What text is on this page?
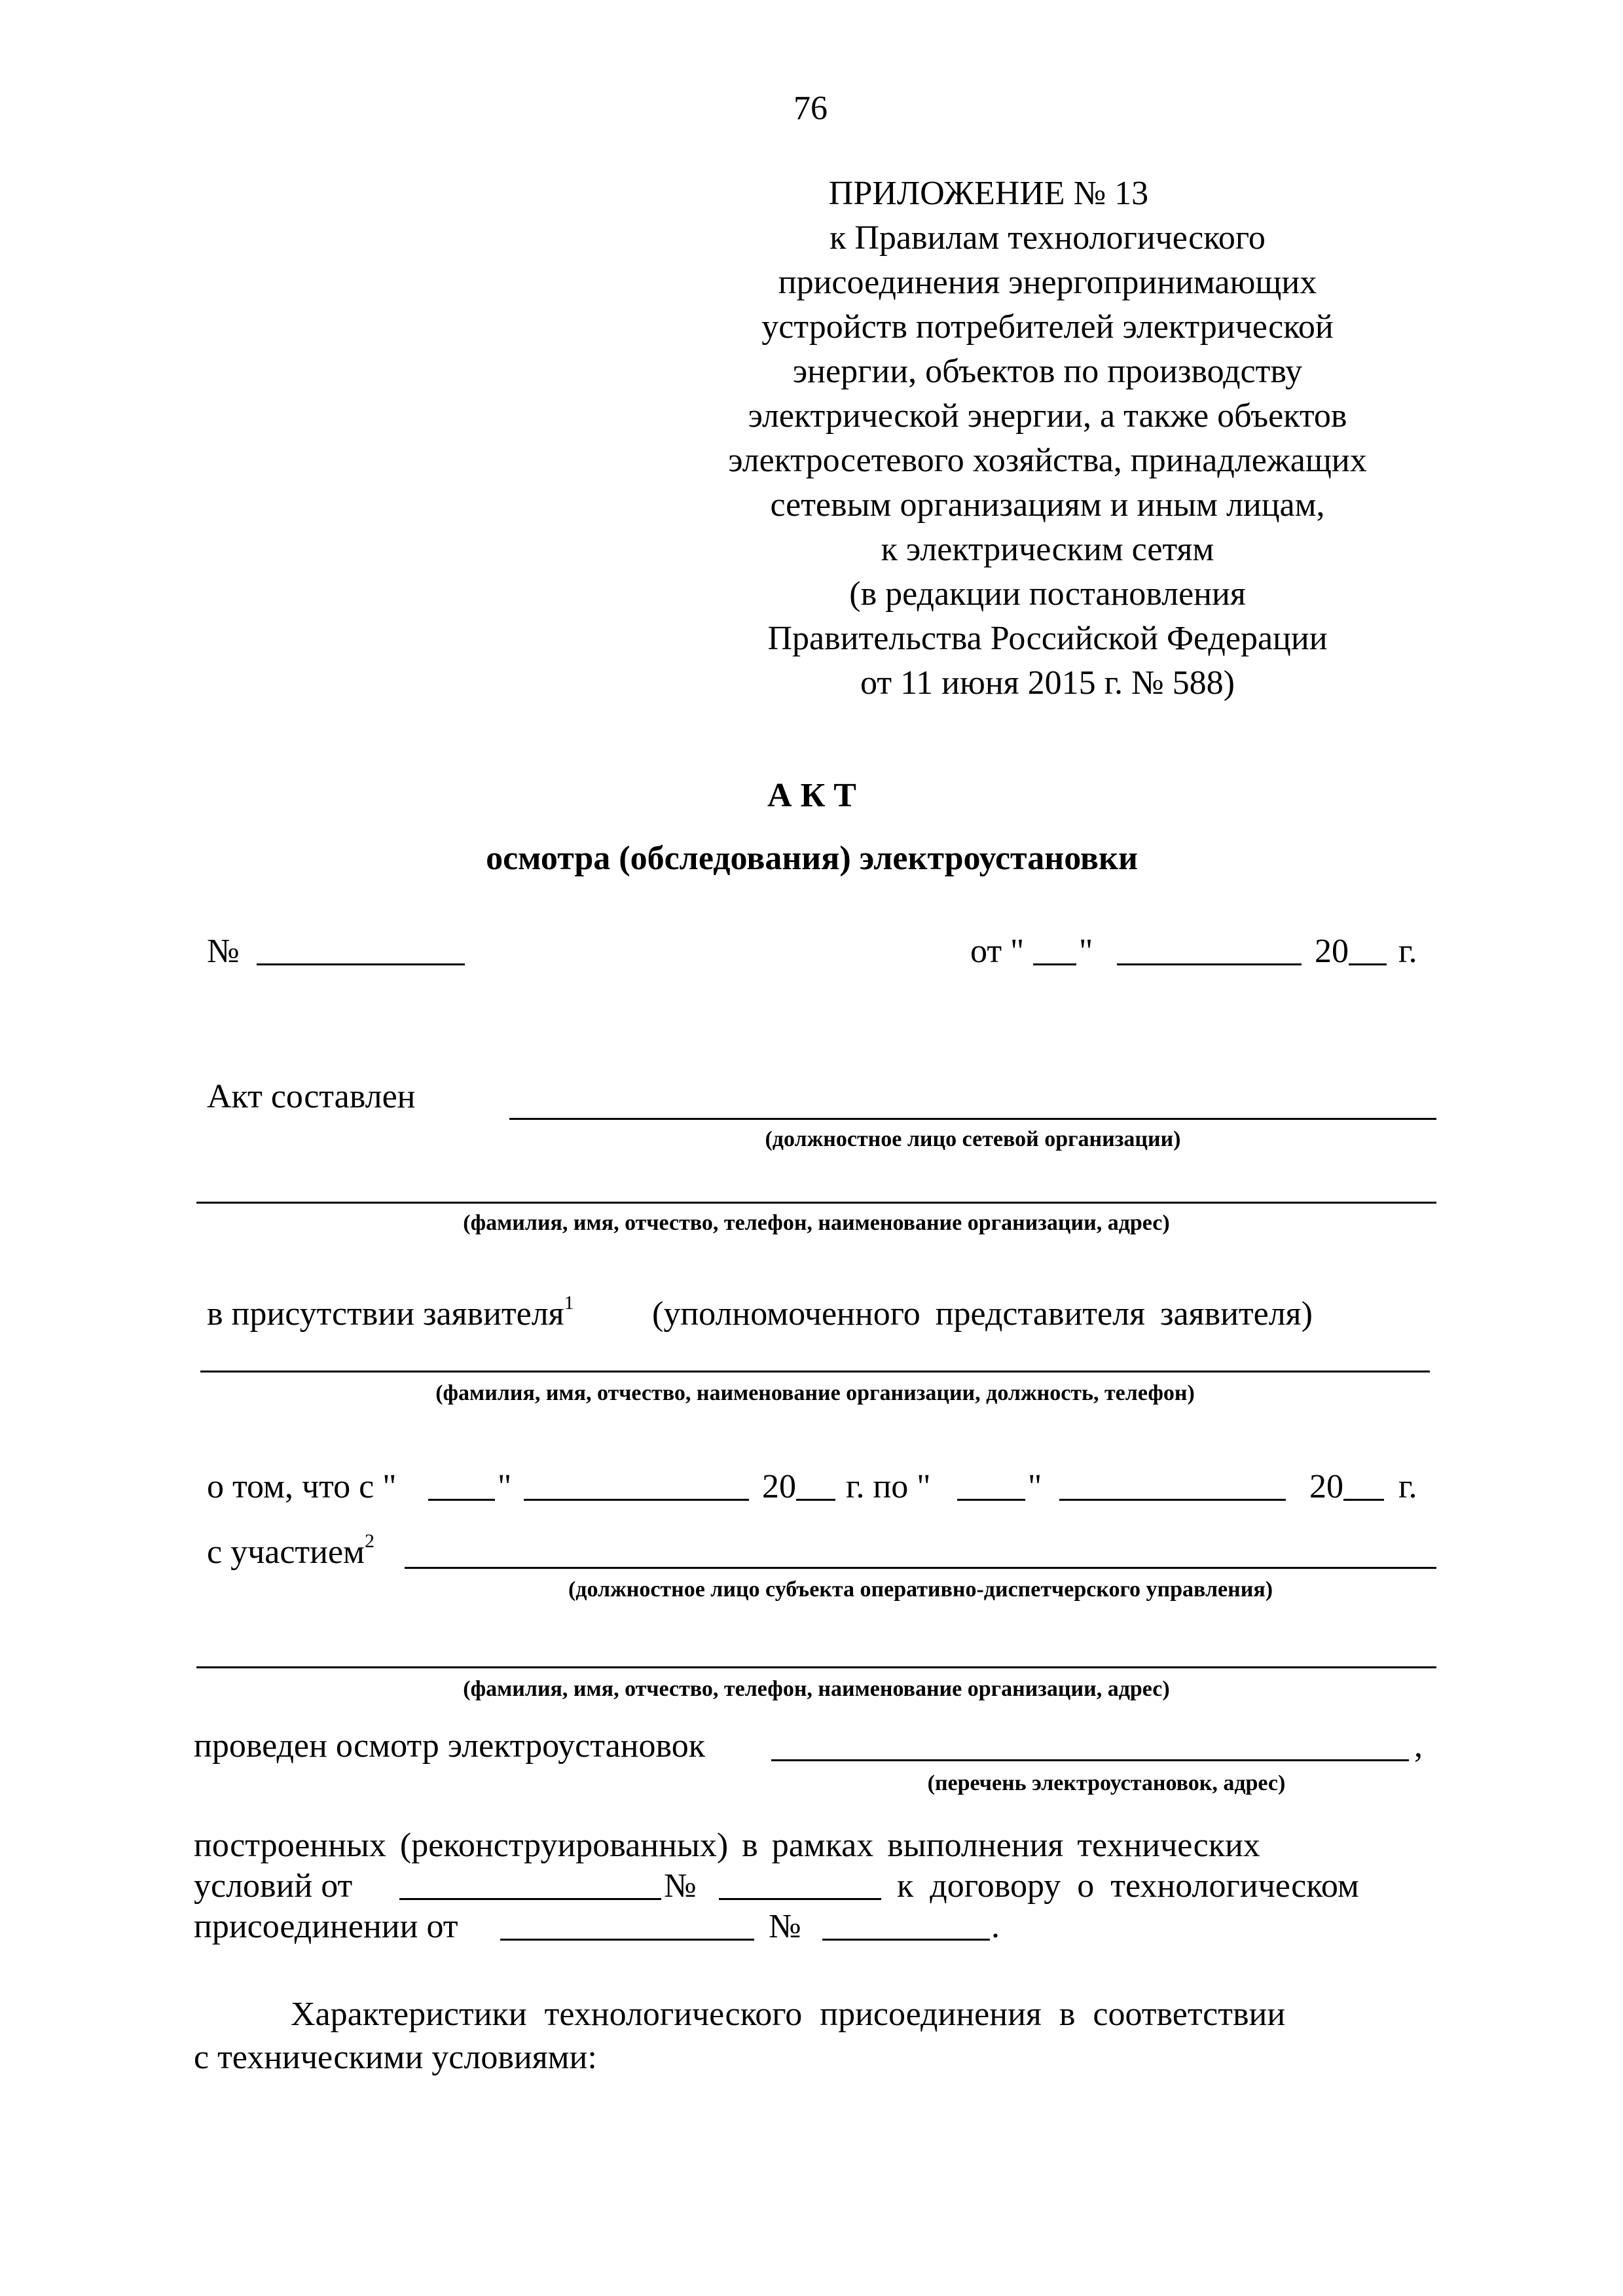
76
ПРИЛОЖЕНИЕ № 13
к Правилам технологического
присоединения энергопринимающих
устройств потребителей электрической
энергии, объектов по производству
электрической энергии, а также объектов
электросетевого хозяйства, принадлежащих
сетевым организациям и иным лицам,
к электрическим сетям
(в редакции постановления
Правительства Российской Федерации
от 11 июня 2015 г. № 588)
А К Т
осмотра (обследования) электроустановки
№	от " "	20 г.
Акт составлен
(должностное лицо сетевой организации)
(фамилия, имя, отчество, телефон, наименование организации, адрес)
в присутствии заявителя$^1$ (уполномоченного представителя заявителя)
(фамилия, имя, отчество, наименование организации, должность, телефон)
о том, что с "	"	20 г. по "	"	20 г.
с участием$^2$
(должностное лицо субъекта оперативно-диспетчерского управления)
(фамилия, имя, отчество, телефон, наименование организации, адрес)
проведен осмотр электроустановок	,
(перечень электроустановок, адрес)
построенных (реконструированных) в рамках выполнения технических
условий от	№	к договору о технологическом
присоединении от	№	.
Характеристики технологического присоединения в соответствии
с техническими условиями:
